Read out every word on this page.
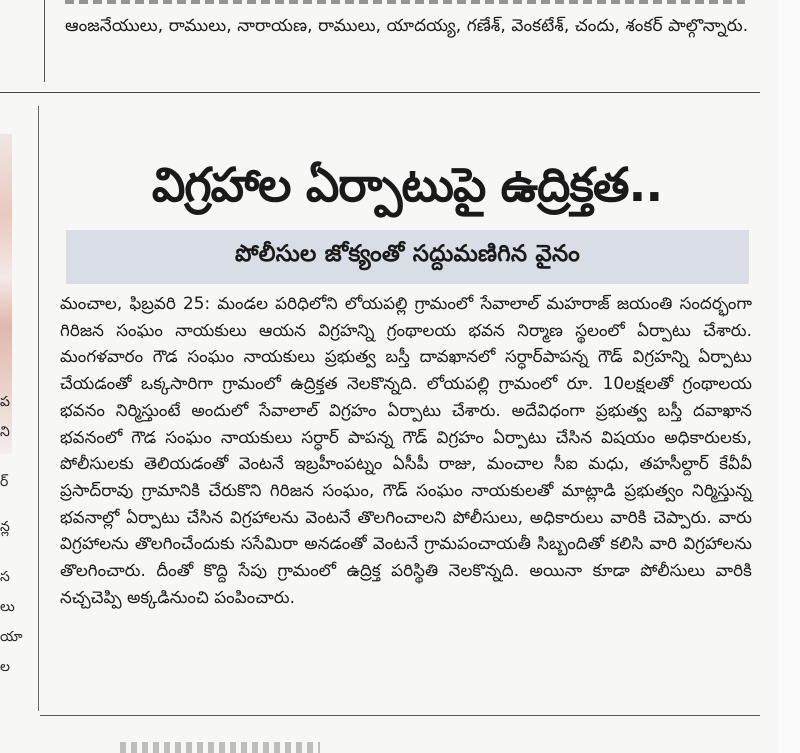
ఆంజనేయులు, రాములు, నారాయణ, రాములు, యాదయ్య, గణేశ్, వెంకటేశ్, చందు, శంకర్ పాల్గొన్నారు.

ప
ని
ర్
న్ల
స
లు
యా
ల
విగ్రహాల ఏర్పాటుపై ఉద్రిక్తత..
పోలీసుల జోక్యంతో సద్దుమణిగిన వైనం

మంచాల, ఫిబ్రవరి 25: మండల పరిధిలోని లోయపల్లి గ్రామంలో సేవాలాల్ మహరాజ్ జయంతి సందర్భంగా గిరిజన సంఘం నాయకులు ఆయన విగ్రహన్ని గ్రంథాలయ భవన నిర్మాణ స్థలంలో ఏర్పాటు చేశారు. మంగళవారం గౌడ సంఘం నాయకులు ప్రభుత్వ బస్తీ దావఖానలో సర్ధార్‌పాపన్న గౌడ్ విగ్రహన్ని ఏర్పాటు చేయడంతో ఒక్కసారిగా గ్రామంలో ఉద్రిక్తత నెలకొన్నది. లోయపల్లి గ్రామంలో రూ. 10లక్షలతో గ్రంథాలయ భవనం నిర్మిస్తుంటే అందులో సేవాలాల్ విగ్రహం ఏర్పాటు చేశారు. అదేవిధంగా ప్రభుత్వ బస్తీ దవాఖాన భవనంలో గౌడ సంఘం నాయకులు సర్ధార్ పాపన్న గౌడ్ విగ్రహం ఏర్పాటు చేసిన విషయం అధికారులకు, పోలీసులకు తెలియడంతో వెంటనే ఇబ్రహీంపట్నం ఏసీపీ రాజు, మంచాల సీఐ మధు, తహసీల్దార్ కేవీవీ ప్రసాద్‌రావు గ్రామానికి చేరుకొని గిరిజన సంఘం, గౌడ్ సంఘం నాయకులతో మాట్లాడి ప్రభుత్వం నిర్మిస్తున్న భవనాల్లో ఏర్పాటు చేసిన విగ్రహాలను వెంటనే తొలగించాలని పోలీసులు, అధికారులు వారికి చెప్పారు. వారు విగ్రహాలను తొలగించేందుకు ససేమిరా అనడంతో వెంటనే గ్రామపంచాయతీ సిబ్బందితో కలిసి వారి విగ్రహాలను తొలగించారు. దీంతో కొద్ది సేపు గ్రామంలో ఉద్రిక్త పరిస్థితి నెలకొన్నది. అయినా కూడా పోలీసులు వారికి నచ్చచెప్పి అక్కడినుంచి పంపించారు.
